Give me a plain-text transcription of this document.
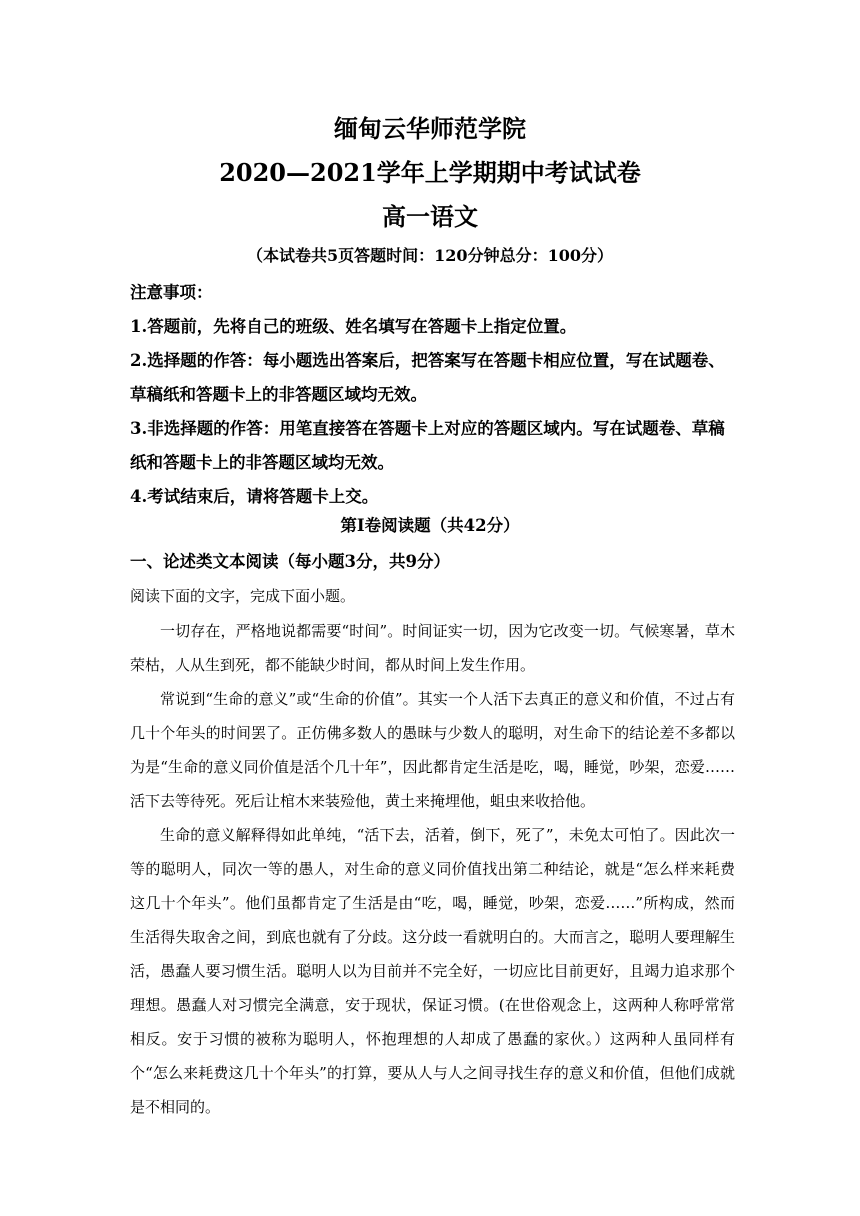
缅甸云华师范学院
2020—2021学年上学期期中考试试卷
高一语文
（本试卷共5页答题时间：120分钟总分：100分）
注意事项：
1.答题前，先将自己的班级、姓名填写在答题卡上指定位置。
2.选择题的作答：每小题选出答案后，把答案写在答题卡相应位置，写在试题卷、草稿纸和答题卡上的非答题区域均无效。
3.非选择题的作答：用笔直接答在答题卡上对应的答题区域内。写在试题卷、草稿纸和答题卡上的非答题区域均无效。
4.考试结束后，请将答题卡上交。
第Ⅰ卷阅读题（共42分）
一、论述类文本阅读（每小题3分，共9分）
阅读下面的文字，完成下面小题。
一切存在，严格地说都需要“时间”。时间证实一切，因为它改变一切。气候寒暑，草木荣枯，人从生到死，都不能缺少时间，都从时间上发生作用。
常说到“生命的意义”或“生命的价值”。其实一个人活下去真正的意义和价值，不过占有几十个年头的时间罢了。正仿佛多数人的愚昧与少数人的聪明，对生命下的结论差不多都以为是“生命的意义同价值是活个几十年”，因此都肯定生活是吃，喝，睡觉，吵架，恋爱……活下去等待死。死后让棺木来装殓他，黄土来掩埋他，蛆虫来收拾他。
生命的意义解释得如此单纯，“活下去，活着，倒下，死了”，未免太可怕了。因此次一等的聪明人，同次一等的愚人，对生命的意义同价值找出第二种结论，就是“怎么样来耗费这几十个年头”。他们虽都肯定了生活是由“吃，喝，睡觉，吵架，恋爱……”所构成，然而生活得失取舍之间，到底也就有了分歧。这分歧一看就明白的。大而言之，聪明人要理解生活，愚蠢人要习惯生活。聪明人以为目前并不完全好，一切应比目前更好，且竭力追求那个理想。愚蠢人对习惯完全满意，安于现状，保证习惯。(在世俗观念上，这两种人称呼常常相反。安于习惯的被称为聪明人，怀抱理想的人却成了愚蠢的家伙。）这两种人虽同样有个“怎么来耗费这几十个年头”的打算，要从人与人之间寻找生存的意义和价值，但他们成就是不相同的。
